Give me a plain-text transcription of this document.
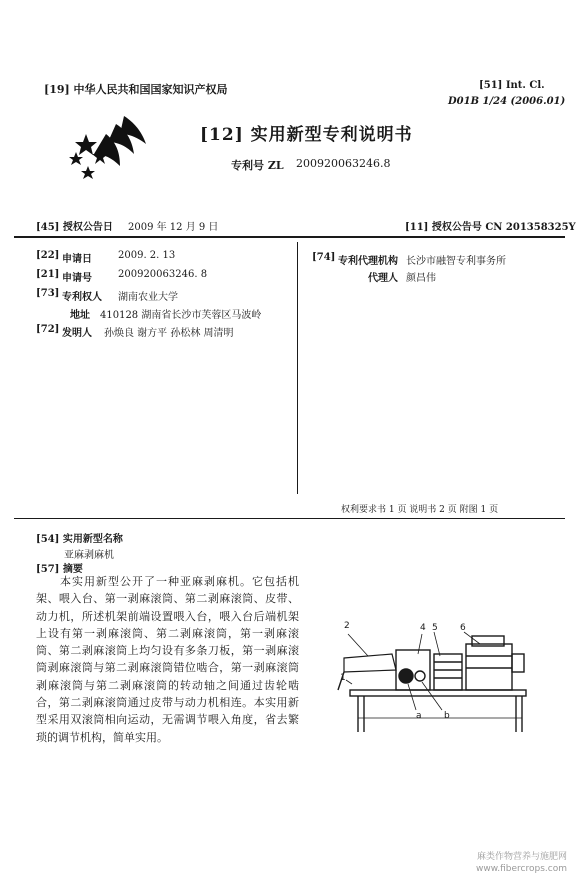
[19] 中华人民共和国国家知识产权局
[12] 实用新型专利说明书
专利号 ZL 200920063246.8
[51] Int. Cl.
D01B 1/24 (2006.01)
[45] 授权公告日 2009 年 12 月 9 日	[11] 授权公告号 CN 201358325Y
[22] 申请日	2009. 2. 13
[21] 申请号	200920063246. 8
[73] 专利权人 湖南农业大学
地址 410128 湖南省长沙市芙蓉区马波岭
[72] 发明人 孙焕良 谢方平 孙松林 周清明
[74] 专利代理机构 长沙市融智专利事务所
代理人 颜昌伟
权利要求书 1 页 说明书 2 页 附图 1 页
[54] 实用新型名称
亚麻剥麻机
[57] 摘要

本实用新型公开了一种亚麻剥麻机。它包括机架、喂入台、第一剥麻滚筒、第二剥麻滚筒、皮带、动力机，所述机架前端设置喂入台，喂入台后端机架上设有第一剥麻滚筒、第二剥麻滚筒，第一剥麻滚筒、第二剥麻滚筒上均匀设有多条刀板，第一剥麻滚筒剥麻滚筒与第二剥麻滚筒错位啮合，第一剥麻滚筒剥麻滚筒与第二剥麻滚筒的转动轴之间通过齿轮啮合，第二剥麻滚筒通过皮带与动力机相连。本实用新型采用双滚筒相向运动，无需调节喂入角度，省去繁琐的调节机构，简单实用。

2
1
4 5 6
a b
麻类作物营养与施肥网
www.fibercrops.com
